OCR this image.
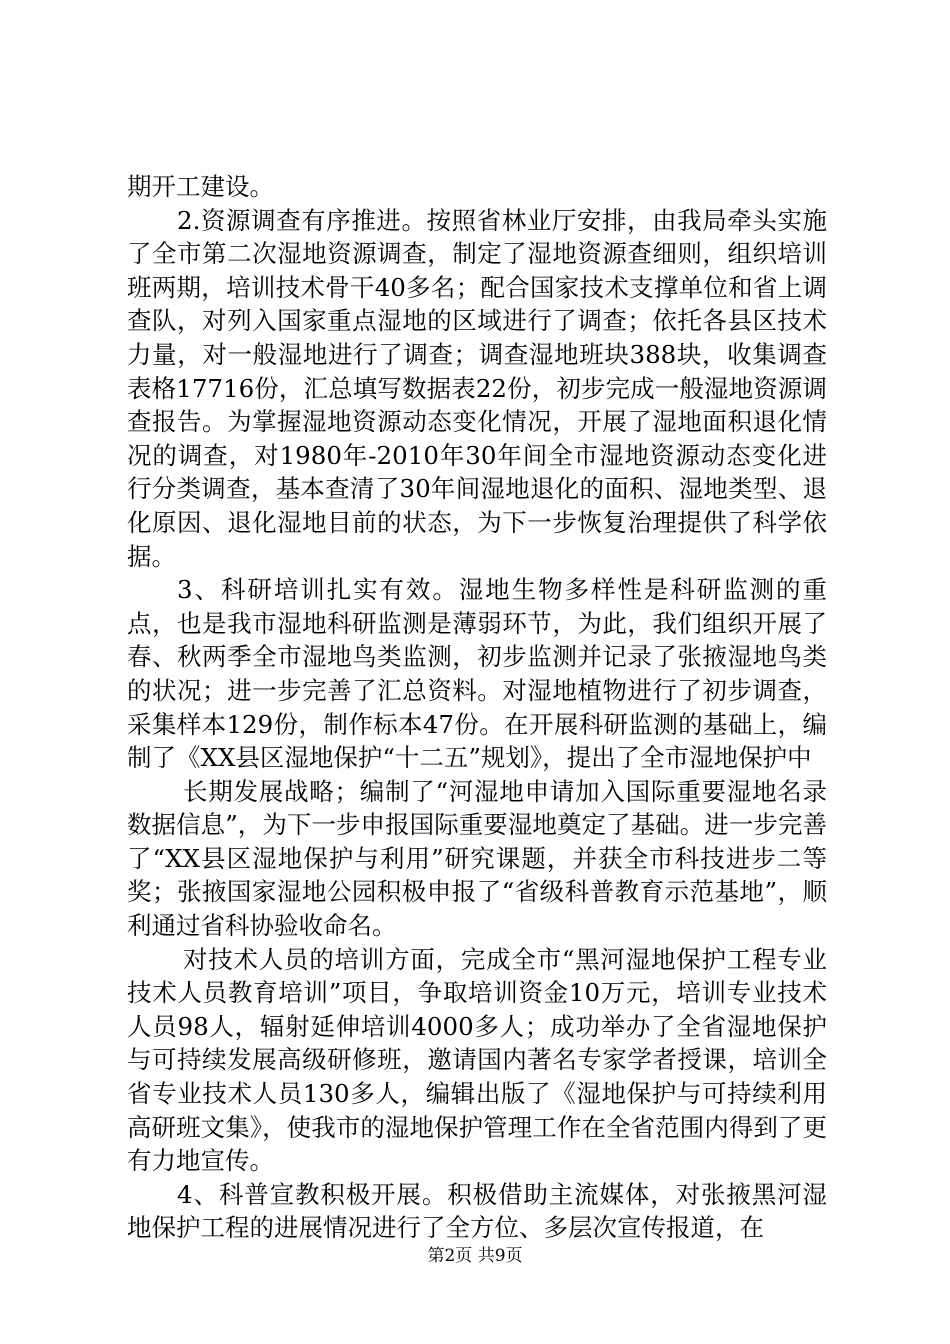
期开工建设。

2.资源调查有序推进。按照省林业厅安排，由我局牵头实施了全市第二次湿地资源调查，制定了湿地资源查细则，组织培训班两期，培训技术骨干40多名；配合国家技术支撑单位和省上调查队，对列入国家重点湿地的区域进行了调查；依托各县区技术力量，对一般湿地进行了调查；调查湿地班块388块，收集调查表格17716份，汇总填写数据表22份，初步完成一般湿地资源调查报告。为掌握湿地资源动态变化情况，开展了湿地面积退化情况的调查，对1980年-2010年30年间全市湿地资源动态变化进行分类调查，基本查清了30年间湿地退化的面积、湿地类型、退化原因、退化湿地目前的状态，为下一步恢复治理提供了科学依据。

3、科研培训扎实有效。湿地生物多样性是科研监测的重点，也是我市湿地科研监测是薄弱环节，为此，我们组织开展了春、秋两季全市湿地鸟类监测，初步监测并记录了张掖湿地鸟类的状况；进一步完善了汇总资料。对湿地植物进行了初步调查，采集样本129份，制作标本47份。在开展科研监测的基础上，编制了《XX县区湿地保护“十二五”规划》，提出了全市湿地保护中

长期发展战略；编制了“河湿地申请加入国际重要湿地名录数据信息”，为下一步申报国际重要湿地奠定了基础。进一步完善了“XX县区湿地保护与利用”研究课题，并获全市科技进步二等奖；张掖国家湿地公园积极申报了“省级科普教育示范基地”，顺利通过省科协验收命名。

对技术人员的培训方面，完成全市“黑河湿地保护工程专业技术人员教育培训”项目，争取培训资金10万元，培训专业技术人员98人，辐射延伸培训4000多人；成功举办了全省湿地保护与可持续发展高级研修班，邀请国内著名专家学者授课，培训全省专业技术人员130多人，编辑出版了《湿地保护与可持续利用高研班文集》，使我市的湿地保护管理工作在全省范围内得到了更有力地宣传。

4、科普宣教积极开展。积极借助主流媒体，对张掖黑河湿地保护工程的进展情况进行了全方位、多层次宣传报道，在

第2页 共9页
